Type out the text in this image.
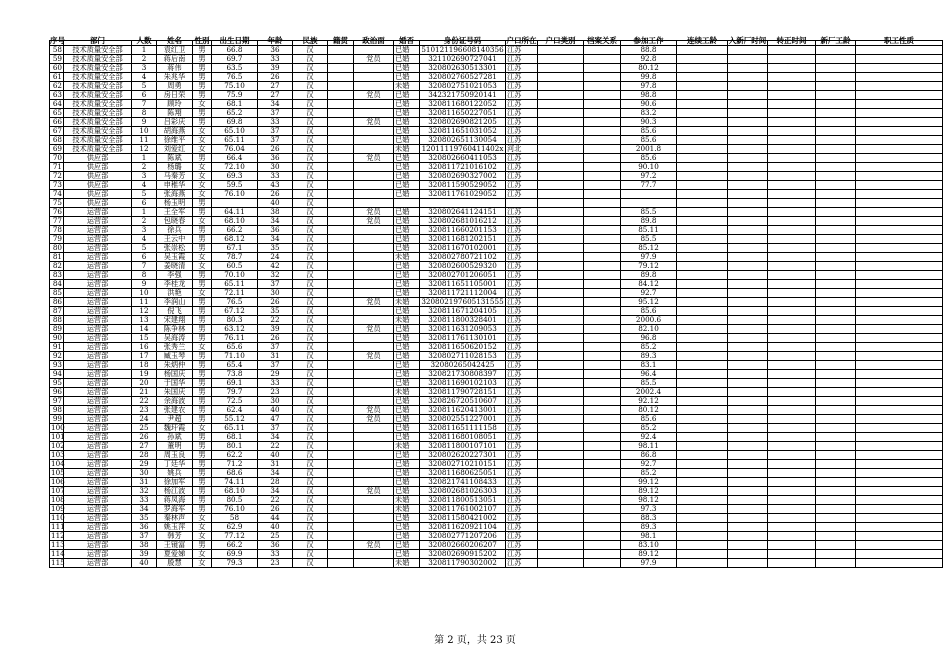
序号	部门	人数	姓名	性别	出生日期	年龄	民族	籍贯	政治面	婚否	身份证号码	户口所在	户口类别	档案关系	参加工作	连续工龄	入新厂时间	转正时间	新厂工龄	职工性质

58	技术质量安全部	1	袁红卫	男	66.8	36	汉			已婚	510121196608140356	江苏			88.8					
59	技术质量安全部	2	蒋后南	男	69.7	33	汉		党员	已婚	321102690727041	江苏			92.8					
60	技术质量安全部	3	蒋伟	男	63.5	39	汉			已婚	320802630513301	江苏			80.12					
61	技术质量安全部	4	朱兆华	男	76.5	26	汉			已婚	320802760527281	江苏			99.8					
62	技术质量安全部	5	周勇	男	75.10	27	汉			未婚	320802751021053	江苏			97.8					
63	技术质量安全部	6	房日荣	男	75.9	27	汉		党员	已婚	342321750920141	江苏			98.8					
64	技术质量安全部	7	顾玲	女	68.1	34	汉			已婚	320811680122052	江苏			90.6					
65	技术质量安全部	8	陈翔	男	65.2	37	汉			已婚	320811650227051	江苏			83.2					
66	技术质量安全部	9	吕彩庆	男	69.8	33	汉		党员	已婚	320802690821205	江苏			90.3					
67	技术质量安全部	10	胡海燕	女	65.10	37	汉			已婚	320811651031052	江苏			85.6					
68	技术质量安全部	11	徐维平	女	65.11	37	汉			已婚	320802651130054	江苏			85.6					
69	技术质量安全部	12	刘爱红	女	76.04	26	汉			未婚	12011119760411402x	河北			2001.8					
70	供应部	1	陈斌	男	66.4	36	汉		党员	已婚	320802660411053	江苏			85.6					
71	供应部	2	杨璐	女	72.10	30	汉			已婚	320811721016102	江苏			90.10					
72	供应部	3	马秦芳	女	69.3	33	汉			已婚	320802690327002	江苏			97.2					
73	供应部	4	申稚华	女	59.5	43	汉			已婚	320811590529052	江苏			77.7					
74	供应部	5	张海燕	女	76.10	26	汉			已婚	320811761029052	江苏								
75	供应部	6	杨玉明	男		40	汉													
76	运营部	1	王全军	男	64.11	38	汉		党员	已婚	320802641124151	江苏			85.5					
77	运营部	2	包晓春	女	68.10	34	汉		党员	已婚	320802681016212	江苏			89.8					
78	运营部	3	徐兵	男	66.2	36	汉			已婚	320811660201153	江苏			85.11					
79	运营部	4	王云中	男	68.12	34	汉			已婚	320811681202151	江苏			85.5					
80	运营部	5	张崇松	男	67.1	35	汉			已婚	320811670102001	江苏			85.12					
81	运营部	6	吴玉霞	女	78.7	24	汉			未婚	320802780721102	江苏			97.9					
82	运营部	7	姜晓清	女	60.5	42	汉			已婚	320802600529320	江苏			79.12					
83	运营部	8	李强	男	70.10	32	汉			已婚	320802701206051	江苏			89.8					
84	运营部	9	李桂龙	男	65.11	37	汉			已婚	320811651105001	江苏			84.12					
85	运营部	10	洪艳	女	72.11	30	汉			已婚	320811721112004	江苏			92.7					
86	运营部	11	李润山	男	76.5	26	汉		党员	未婚	320802197605131555	江苏			95.12					
87	运营部	12	倪飞	男	67.12	35	汉			已婚	320811671204105	江苏			85.6					
88	运营部	13	宋建翔	男	80.3	22	汉			未婚	320811800328401	江苏			2000.6					
89	运营部	14	陈争林	男	63.12	39	汉		党员	已婚	320811631209053	江苏			82.10					
90	运营部	15	吴海涛	男	76.11	26	汉			已婚	320811761130101	江苏			96.8					
91	运营部	16	张秀兰	女	65.6	37	汉			已婚	320811650620152	江苏			85.2					
92	运营部	17	臧玉琴	男	71.10	31	汉		党员	已婚	320802711028153	江苏			89.3					
93	运营部	18	朱炳仲	男	65.4	37	汉			已婚	32080265042425	江苏			83.1					
94	运营部	19	杨国庆	男	73.8	29	汉			已婚	320821730808397	江苏			96.4					
95	运营部	20	于国华	男	69.1	33	汉			已婚	320811690102103	江苏			85.5					
96	运营部	21	朱国庆	男	79.7	23	汉			未婚	320811790728151	江苏			2002.4					
97	运营部	22	余海波	男	72.5	30	汉			已婚	320826720510607	江苏			92.12					
98	运营部	23	张建农	男	62.4	40	汉		党员	已婚	320811620413001	江苏			80.12					
99	运营部	24	尹超	男	55.12	47	汉		党员	已婚	320802551227001	江苏			85.6					
100	运营部	25	魏玕霞	女	65.11	37	汉			已婚	320811651111158	江苏			85.2					
101	运营部	26	孙斌	男	68.1	34	汉			已婚	320811680108051	江苏			92.4					
102	运营部	27	董明	男	80.1	22	汉			未婚	320811800107101	江苏			98.11					
103	运营部	28	周玉良	男	62.2	40	汉			已婚	320802620227301	江苏			86.8					
104	运营部	29	丁廷华	男	71.2	31	汉			已婚	320802710210151	江苏			92.7					
105	运营部	30	姚兵	男	68.6	34	汉			已婚	320811680625051	江苏			85.2					
106	运营部	31	徐加军	男	74.11	28	汉			已婚	320821741108433	江苏			99.12					
107	运营部	32	杨江波	男	68.10	34	汉		党员	已婚	320802681026303	江苏			89.12					
108	运营部	33	蒋凤海	男	80.5	22	汉			未婚	320811800513051	江苏			98.12					
109	运营部	34	罗海军	男	76.10	26	汉			未婚	320811761002107	江苏			97.3					
110	运营部	35	秦林声	女	58	44	汉			已婚	320811580421002	江苏			88.3					
111	运营部	36	姚玉萍	女	62.9	40	汉			已婚	320811620921104	江苏			89.3					
112	运营部	37	韩芳	女	77.12	25	汉			已婚	320802771207206	江苏			98.1					
113	运营部	38	王镜富	男	66.2	36	汉		党员	已婚	320802660206207	江苏			83.10					
114	运营部	39	夏爱娣	女	69.9	33	汉			已婚	320802690915202	江苏			89.12					
115	运营部	40	殷慧	女	79.3	23	汉			未婚	320811790302002	江苏			97.9					
第 2 页，共 23 页
